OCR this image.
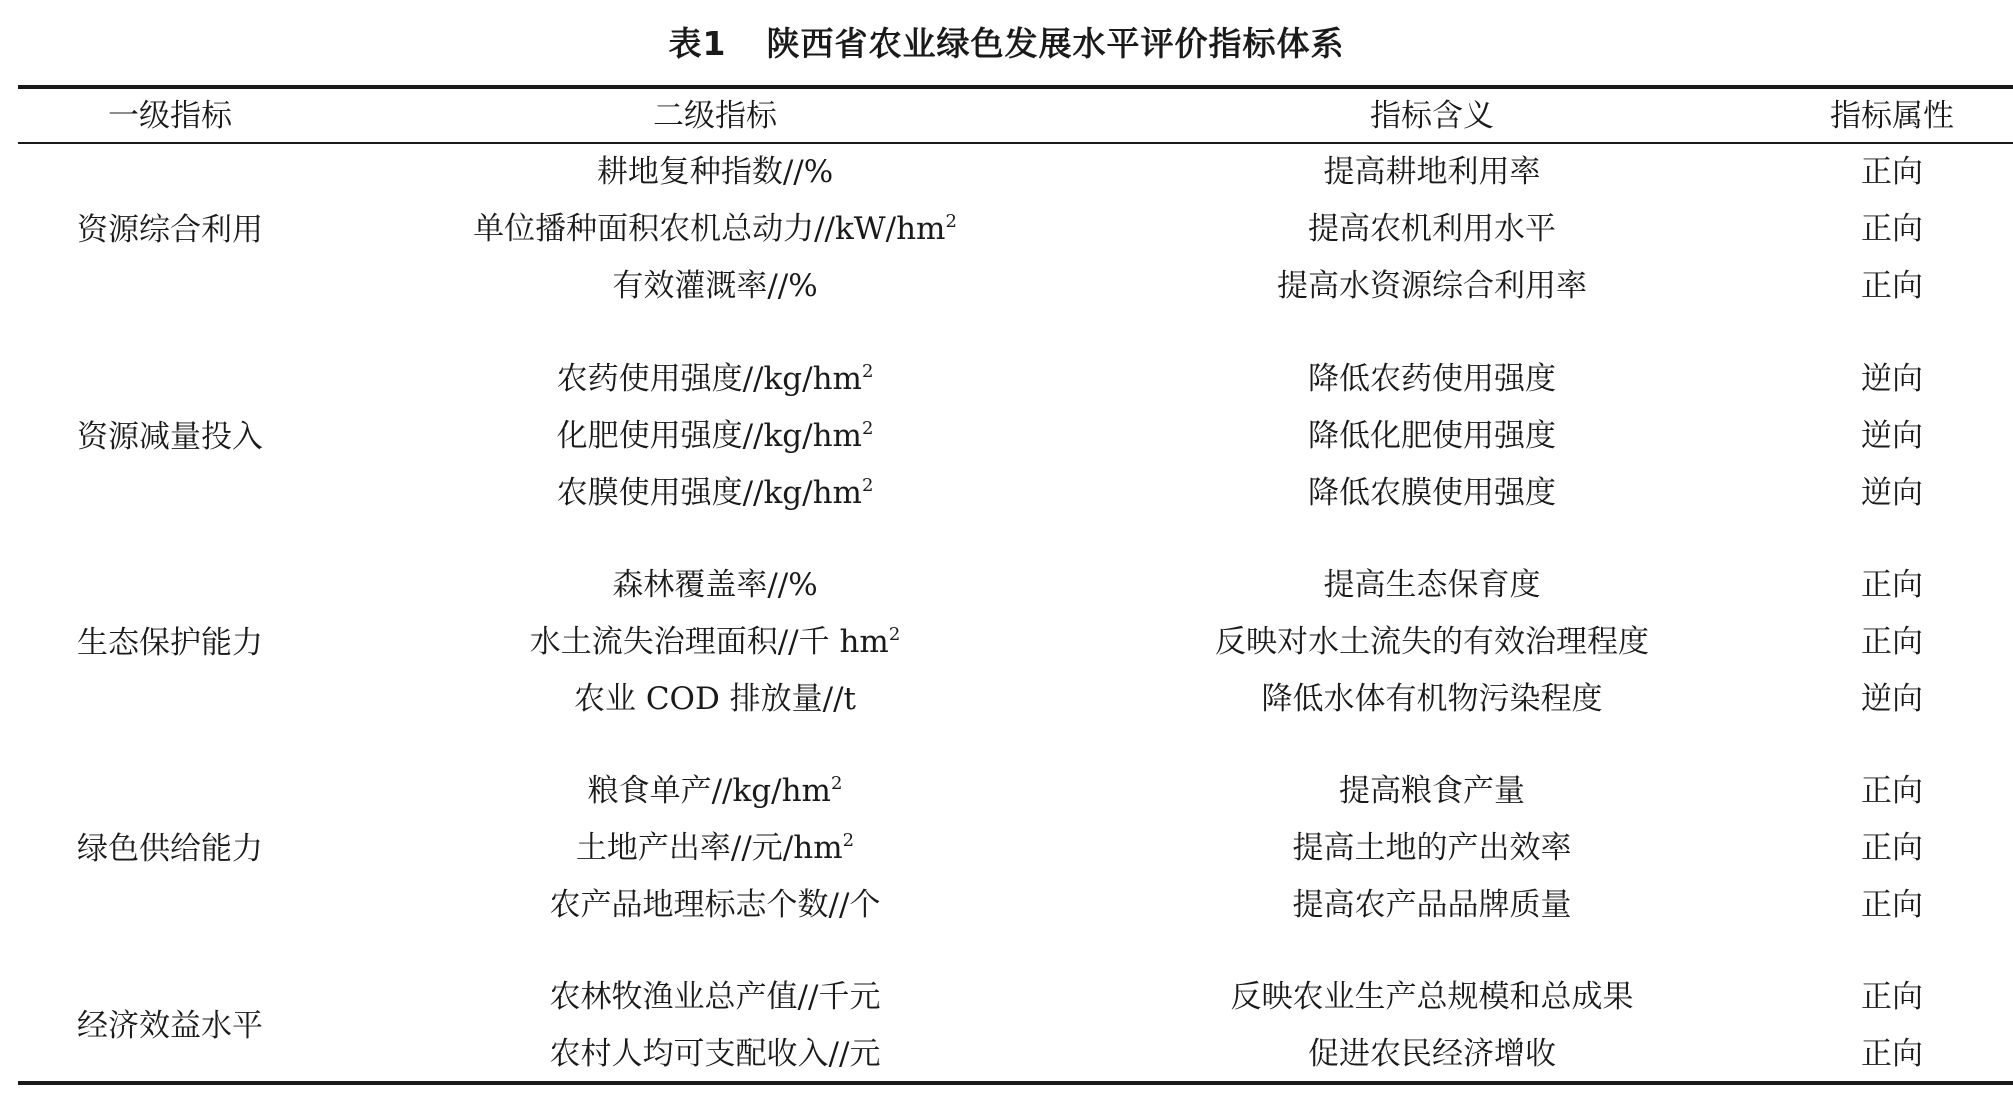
表1 陕西省农业绿色发展水平评价指标体系
一级指标	二级指标	指标含义	指标属性
资源综合利用
耕地复种指数//%	提高耕地利用率	正向
单位播种面积农机总动力$//kW/hm^2$	提高农机利用水平	正向
有效灌溉率//%	提高水资源综合利用率	正向
资源减量投入
农药使用强度$//kg/hm^2$	降低农药使用强度	逆向
化肥使用强度$//kg/hm^2$	降低化肥使用强度	逆向
农膜使用强度$//kg/hm^2$	降低农膜使用强度	逆向
生态保护能力
森林覆盖率//%	提高生态保育度	正向
水土流失治理面积//千 $hm^2$	反映对水土流失的有效治理程度	正向
农业 COD 排放量//t	降低水体有机物污染程度	逆向
绿色供给能力
粮食单产$//kg/hm^2$	提高粮食产量	正向
土地产出率//元$/hm^2$	提高土地的产出效率	正向
农产品地理标志个数//个	提高农产品品牌质量	正向
经济效益水平
农林牧渔业总产值//千元	反映农业生产总规模和总成果	正向
农村人均可支配收入//元	促进农民经济增收	正向
